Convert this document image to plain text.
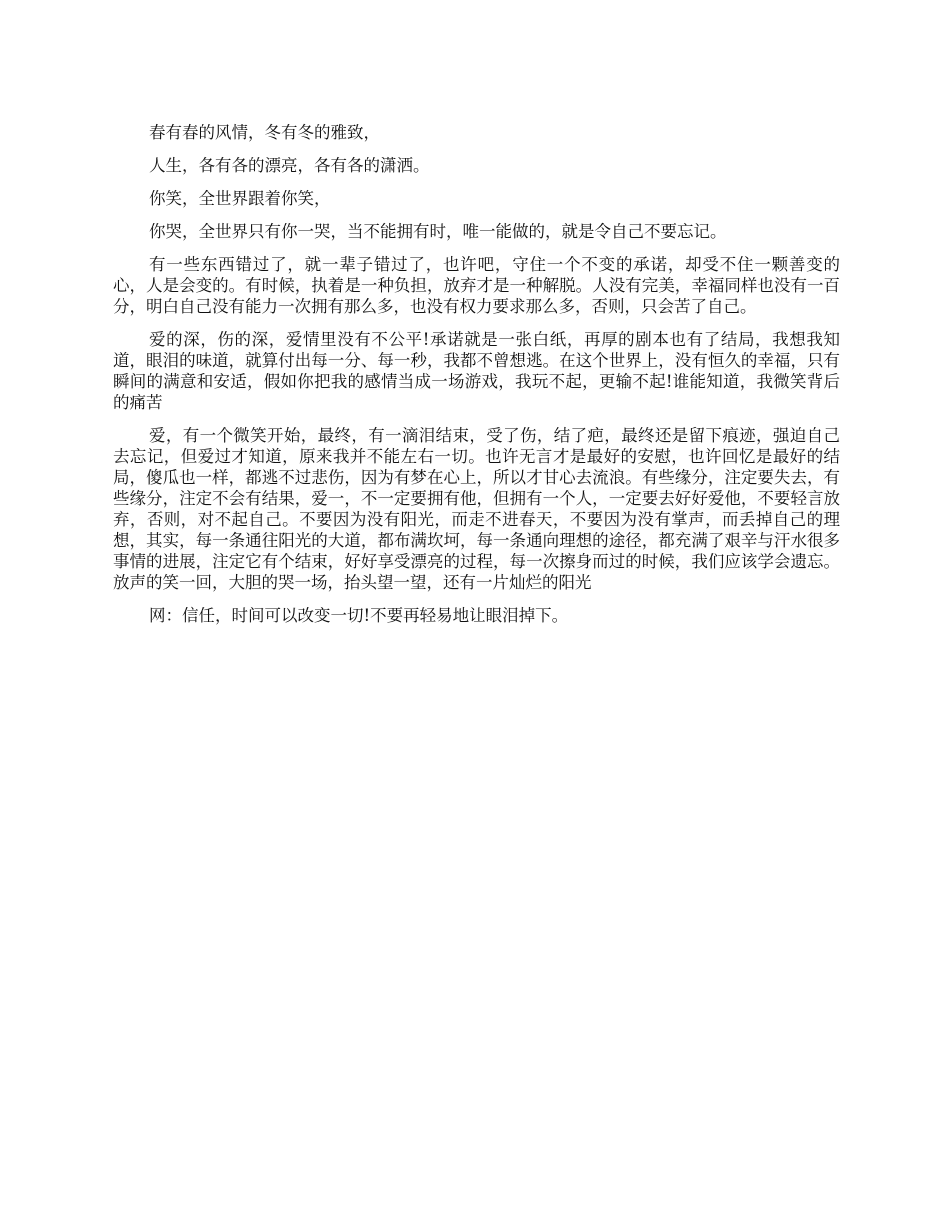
春有春的风情，冬有冬的雅致，

人生，各有各的漂亮，各有各的潇洒。

你笑，全世界跟着你笑，

你哭，全世界只有你一哭，当不能拥有时，唯一能做的，就是令自己不要忘记。

有一些东西错过了，就一辈子错过了，也许吧，守住一个不变的承诺，却受不住一颗善变的心，人是会变的。有时候，执着是一种负担，放弃才是一种解脱。人没有完美，幸福同样也没有一百分，明白自己没有能力一次拥有那么多，也没有权力要求那么多，否则，只会苦了自己。

爱的深，伤的深，爱情里没有不公平!承诺就是一张白纸，再厚的剧本也有了结局，我想我知道，眼泪的味道，就算付出每一分、每一秒，我都不曾想逃。在这个世界上，没有恒久的幸福，只有瞬间的满意和安适，假如你把我的感情当成一场游戏，我玩不起，更输不起!谁能知道，我微笑背后的痛苦

爱，有一个微笑开始，最终，有一滴泪结束，受了伤，结了疤，最终还是留下痕迹，强迫自己去忘记，但爱过才知道，原来我并不能左右一切。也许无言才是最好的安慰，也许回忆是最好的结局，傻瓜也一样，都逃不过悲伤，因为有梦在心上，所以才甘心去流浪。有些缘分，注定要失去，有些缘分，注定不会有结果，爱一，不一定要拥有他，但拥有一个人，一定要去好好爱他，不要轻言放弃，否则，对不起自己。不要因为没有阳光，而走不进春天，不要因为没有掌声，而丢掉自己的理想，其实，每一条通往阳光的大道，都布满坎坷，每一条通向理想的途径，都充满了艰辛与汗水很多事情的进展，注定它有个结束，好好享受漂亮的过程，每一次擦身而过的时候，我们应该学会遗忘。放声的笑一回，大胆的哭一场，抬头望一望，还有一片灿烂的阳光

网：信任，时间可以改变一切!不要再轻易地让眼泪掉下。
